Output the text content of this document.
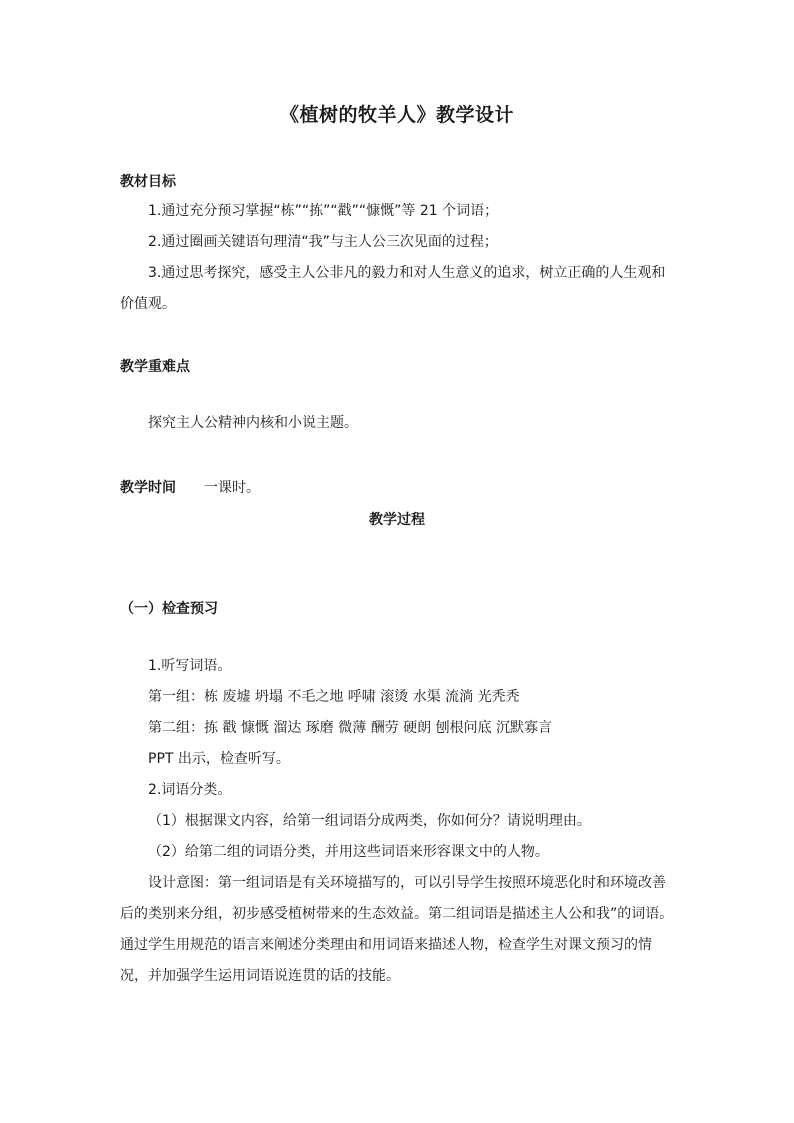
《植树的牧羊人》教学设计
教材目标
1.通过充分预习掌握“栋”“拣”“戳”“慷慨”等 21 个词语；
2.通过圈画关键语句理清“我”与主人公三次见面的过程；

3.通过思考探究，感受主人公非凡的毅力和对人生意义的追求，树立正确的人生观和价值观。

教学重难点
探究主人公精神内核和小说主题。
教学时间 一课时。
教学过程
（一）检查预习
1.听写词语。
第一组：栋 废墟 坍塌 不毛之地 呼啸 滚烫 水渠 流淌 光秃秃
第二组：拣 戳 慷慨 溜达 琢磨 微薄 酬劳 硬朗 刨根问底 沉默寡言
PPT 出示，检查听写。
2.词语分类。
（1）根据课文内容，给第一组词语分成两类，你如何分？请说明理由。
（2）给第二组的词语分类，并用这些词语来形容课文中的人物。

设计意图：第一组词语是有关环境描写的，可以引导学生按照环境恶化时和环境改善后的类别来分组，初步感受植树带来的生态效益。第二组词语是描述主人公和我”的词语。通过学生用规范的语言来阐述分类理由和用词语来描述人物，检查学生对课文预习的情况，并加强学生运用词语说连贯的话的技能。
